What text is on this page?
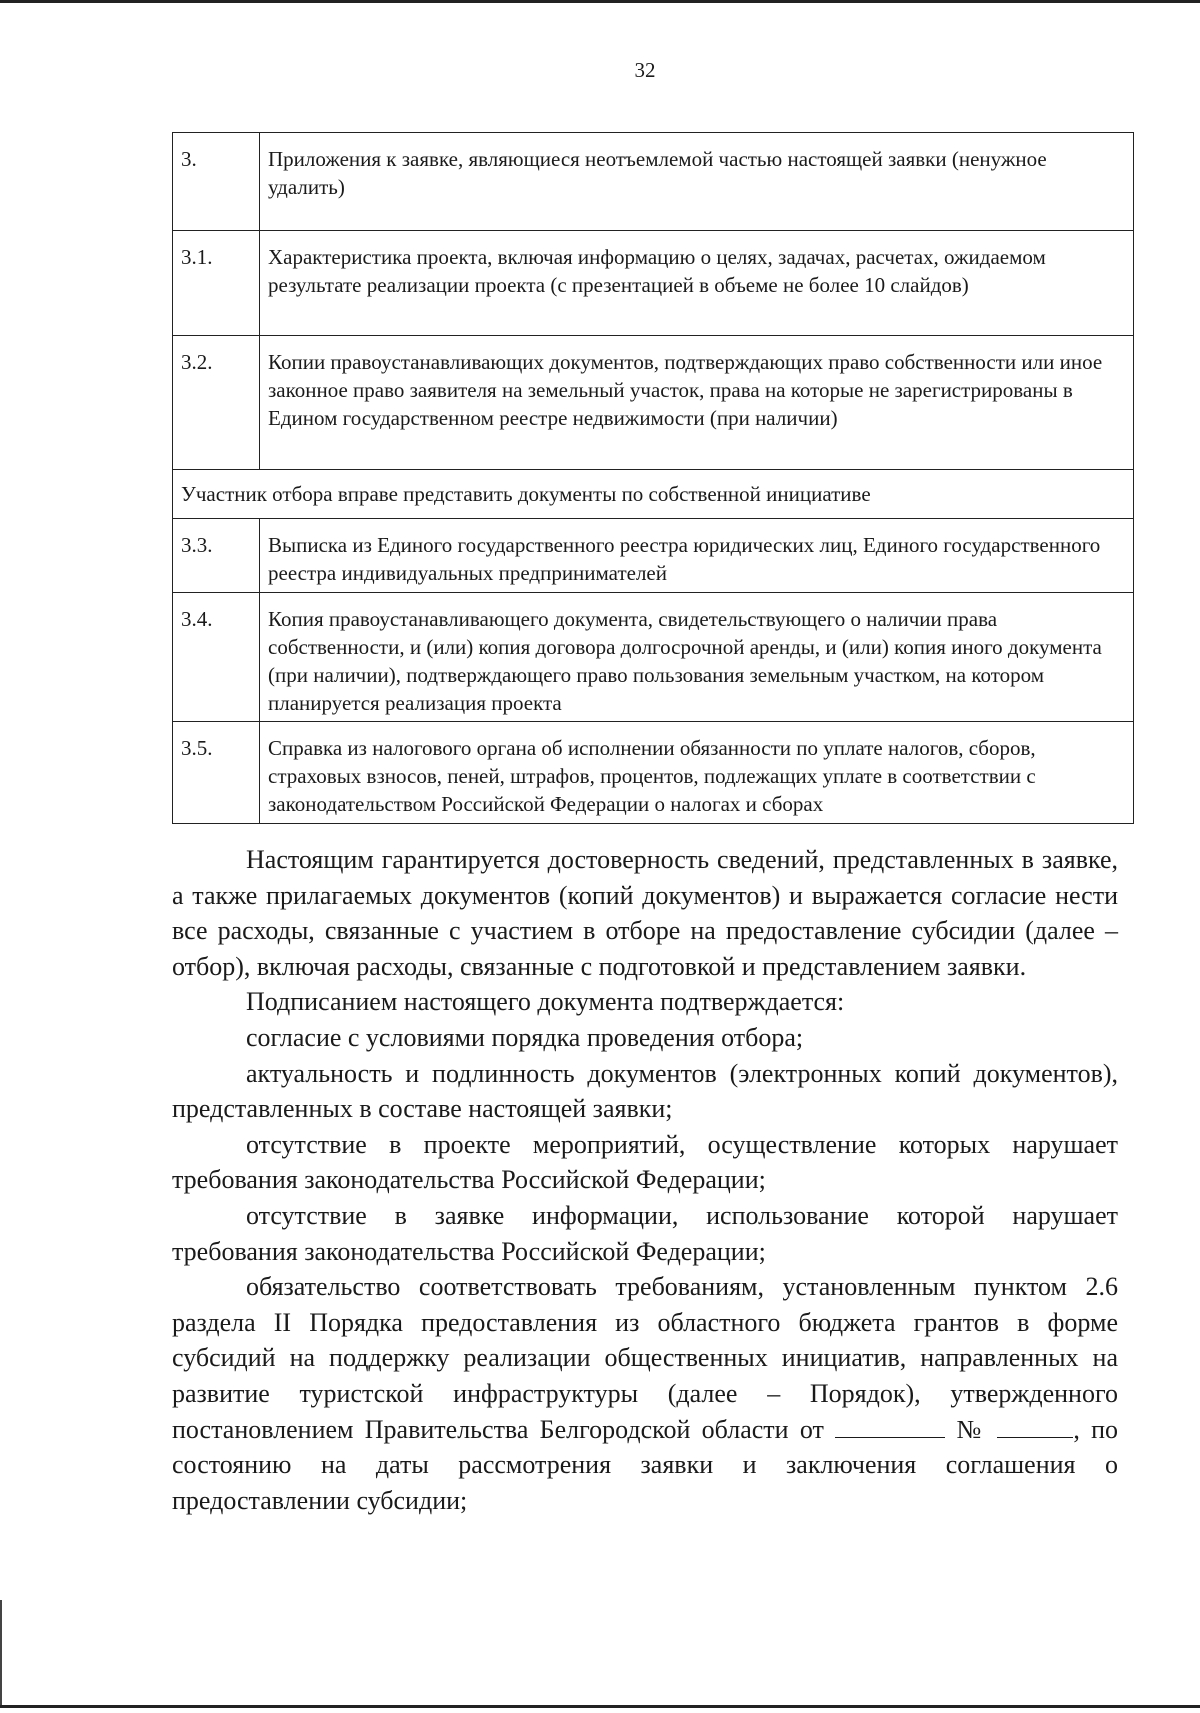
32
3.	Приложения к заявке, являющиеся неотъемлемой частью настоящей заявки (ненужное удалить)
3.1.	Характеристика проекта, включая информацию о целях, задачах, расчетах, ожидаемом результате реализации проекта (с презентацией в объеме не более 10 слайдов)
3.2.	Копии правоустанавливающих документов, подтверждающих право собственности или иное законное право заявителя на земельный участок, права на которые не зарегистрированы в Едином государственном реестре недвижимости (при наличии)
Участник отбора вправе представить документы по собственной инициативе	
3.3.	Выписка из Единого государственного реестра юридических лиц, Единого государственного реестра индивидуальных предпринимателей
3.4.	Копия правоустанавливающего документа, свидетельствующего о наличии права собственности, и (или) копия договора долгосрочной аренды, и (или) копия иного документа (при наличии), подтверждающего право пользования земельным участком, на котором планируется реализация проекта
3.5.	Справка из налогового органа об исполнении обязанности по уплате налогов, сборов, страховых взносов, пеней, штрафов, процентов, подлежащих уплате в соответствии с законодательством Российской Федерации о налогах и сборах

Настоящим гарантируется достоверность сведений, представленных в заявке, а также прилагаемых документов (копий документов) и выражается согласие нести все расходы, связанные с участием в отборе на предоставление субсидии (далее – отбор), включая расходы, связанные с подготовкой и представлением заявки.

Подписанием настоящего документа подтверждается:

согласие с условиями порядка проведения отбора;

актуальность и подлинность документов (электронных копий документов), представленных в составе настоящей заявки;

отсутствие в проекте мероприятий, осуществление которых нарушает требования законодательства Российской Федерации;

отсутствие в заявке информации, использование которой нарушает требования законодательства Российской Федерации;

обязательство соответствовать требованиям, установленным пунктом 2.6 раздела II Порядка предоставления из областного бюджета грантов в форме субсидий на поддержку реализации общественных инициатив, направленных на развитие туристской инфраструктуры (далее – Порядок), утвержденного постановлением Правительства Белгородской области от	№	, по состоянию на даты рассмотрения заявки и заключения соглашения о предоставлении субсидии;
